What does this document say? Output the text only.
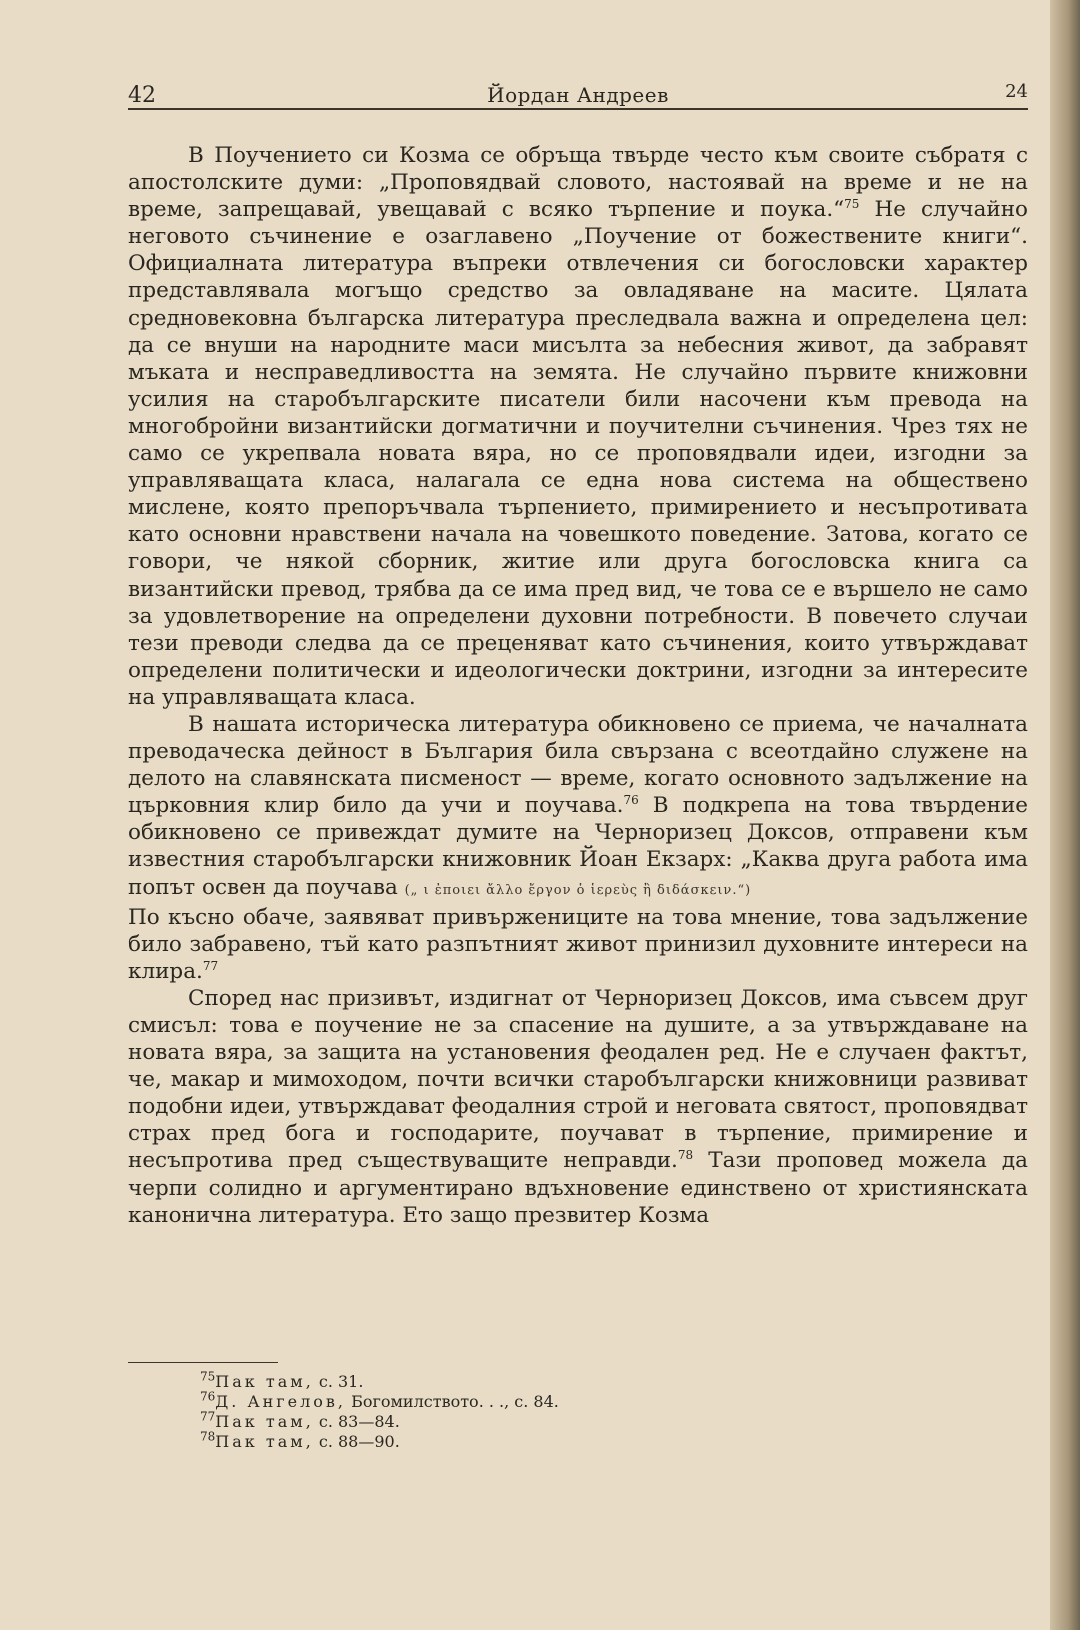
42	Йордан Андреев	24

В Поучението си Козма се обръща твърде често към своите събратя с апостолските думи: „Проповядвай словото, настоявай на време и не на време, запрещавай, увещавай с всяко търпение и поука.“$^{75}$ Не случайно неговото съчинение е озаглавено „Поучение от божествените книги“. Официалната литература въпреки отвлечения си богословски характер представлявала могъщо средство за овладяване на масите. Цялата средновековна българска литература преследвала важна и определена цел: да се внуши на народните маси мисълта за небесния живот, да забравят мъката и несправедливостта на земята. Не случайно първите книжовни усилия на старобългарските писатели били насочени към превода на многобройни византийски догматични и поучителни съчинения. Чрез тях не само се укрепвала новата вяра, но се проповядвали идеи, изгодни за управляващата класа, налагала се една нова система на обществено мислене, която препоръчвала търпението, примирението и несъпротивата като основни нравствени начала на човешкото поведение. Затова, когато се говори, че някой сборник, житие или друга богословска книга са византийски превод, трябва да се има пред вид, че това се е вършело не само за удовлетворение на определени духовни потребности. В повечето случаи тези преводи следва да се преценяват като съчинения, които утвърждават определени политически и идеологически доктрини, изгодни за интересите на управляващата класа.

В нашата историческа литература обикновено се приема, че началната преводаческа дейност в България била свързана с всеотдайно служене на делото на славянската писменост — време, когато основното задължение на църковния клир било да учи и поучава.$^{76}$ В подкрепа на това твърдение обикновено се привеждат думите на Черноризец Доксов, отправени към известния старобългарски книжовник Йоан Екзарх: „Каква друга работа има попът освен да поучава („ ι ἐποιει ἄλλο ἔργον ὁ ἱερεὺς ἢ διδάσκειν.“)

По късно обаче, заявяват привържениците на това мнение, това задължение било забравено, тъй като разпътният живот принизил духовните интереси на клира.$^{77}$

Според нас призивът, издигнат от Черноризец Доксов, има съвсем друг смисъл: това е поучение не за спасение на душите, а за утвърждаване на новата вяра, за защита на установения феодален ред. Не е случаен фактът, че, макар и мимоходом, почти всички старобългарски книжовници развиват подобни идеи, утвърждават феодалния строй и неговата святост, проповядват страх пред бога и господарите, поучават в търпение, примирение и несъпротива пред съществуващите неправди.$^{78}$ Тази проповед можела да черпи солидно и аргументирано вдъхновение единствено от християнската канонична литература. Ето защо презвитер Козма

$^{75}$Пак там, с. 31.
$^{76}$Д. Ангелов, Богомилството. . ., с. 84.
$^{77}$Пак там, с. 83—84.
$^{78}$Пак там, с. 88—90.
